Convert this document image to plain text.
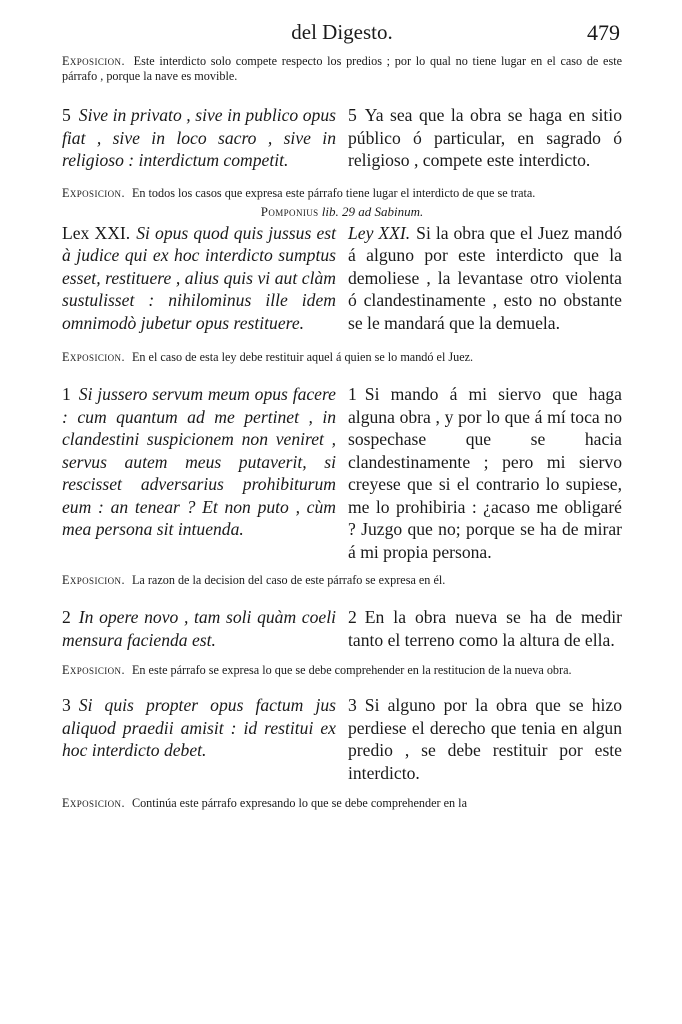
del Digesto.	479

Exposicion. Este interdicto solo compete respecto los predios ; por lo qual no tiene lugar en el caso de este párrafo , porque la nave es movible.

5 Sive in privato , sive in publico opus fiat , sive in loco sacro , sive in religioso : interdictum competit.
5 Ya sea que la obra se haga en sitio público ó particular, en sagrado ó religioso , compete este interdicto.

Exposicion. En todos los casos que expresa este párrafo tiene lugar el interdicto de que se trata.

Pomponius lib. 29 ad Sabinum.
Lex XXI. Si opus quod quis jussus est à judice qui ex hoc interdicto sumptus esset, restituere , alius quis vi aut clàm sustulisset : nihilominus ille idem omnimodò jubetur opus restituere.
Ley XXI. Si la obra que el Juez mandó á alguno por este interdicto que la demoliese , la levantase otro violenta ó clandestinamente , esto no obstante se le mandará que la demuela.

Exposicion. En el caso de esta ley debe restituir aquel á quien se lo mandó el Juez.

1 Si jussero servum meum opus facere : cum quantum ad me pertinet , in clandestini suspicionem non veniret , servus autem meus putaverit, si rescisset adversarius prohibiturum eum : an tenear ? Et non puto , cùm mea persona sit intuenda.
1 Si mando á mi siervo que haga alguna obra , y por lo que á mí toca no sospechase que se hacia clandestinamente ; pero mi siervo creyese que si el contrario lo supiese, me lo prohibiria : ¿acaso me obligaré ? Juzgo que no; porque se ha de mirar á mi propia persona.

Exposicion. La razon de la decision del caso de este párrafo se expresa en él.

2 In opere novo , tam soli quàm coeli mensura facienda est.
2 En la obra nueva se ha de medir tanto el terreno como la altura de ella.

Exposicion. En este párrafo se expresa lo que se debe comprehender en la restitucion de la nueva obra.

3 Si quis propter opus factum jus aliquod praedii amisit : id restitui ex hoc interdicto debet.
3 Si alguno por la obra que se hizo perdiese el derecho que tenia en algun predio , se debe restituir por este interdicto.

Exposicion. Continúa este párrafo expresando lo que se debe comprehender en la
